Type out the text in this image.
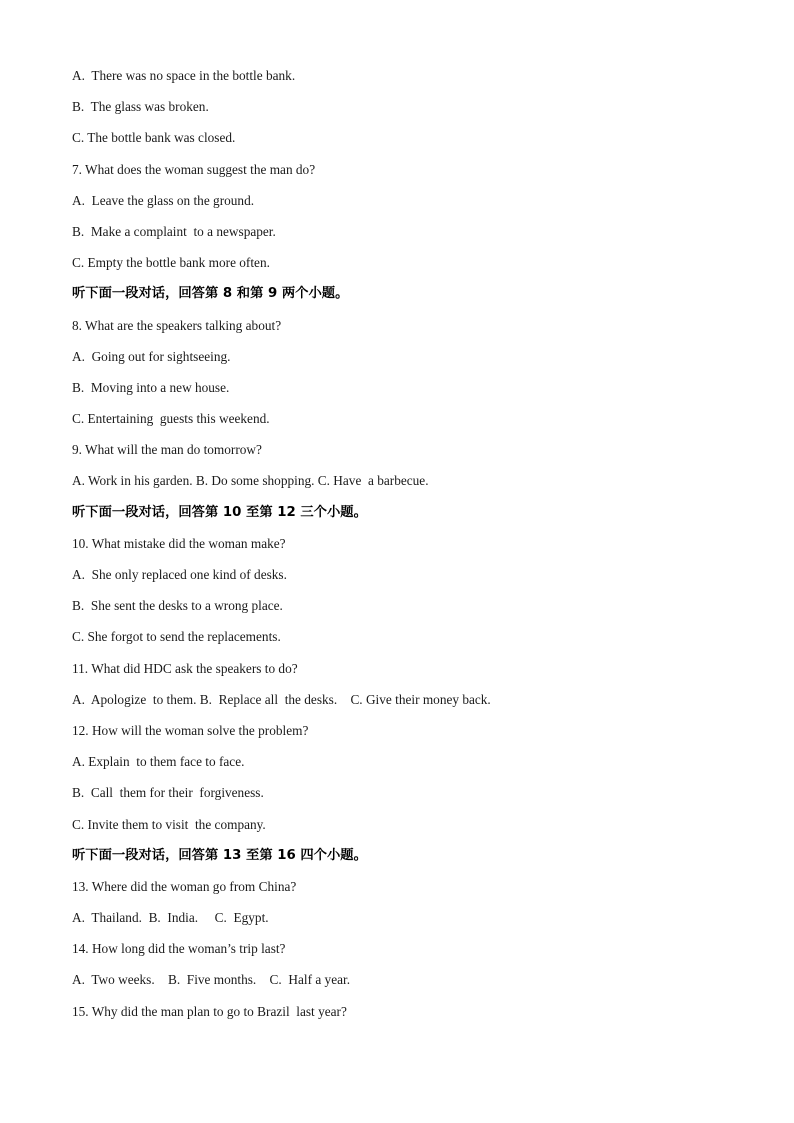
A.  There was no space in the bottle bank.
B.  The glass was broken.
C. The bottle bank was closed.
7. What does the woman suggest the man do?
A.  Leave the glass on the ground.
B.  Make a complaint  to a newspaper.
C. Empty the bottle bank more often.
听下面一段对话，回答第 8 和第 9 两个小题。
8. What are the speakers talking about?
A.  Going out for sightseeing.
B.  Moving into a new house.
C. Entertaining  guests this weekend.
9. What will the man do tomorrow?
A. Work in his garden. B. Do some shopping. C. Have  a barbecue.
听下面一段对话，回答第 10 至第 12 三个小题。
10. What mistake did the woman make?
A.  She only replaced one kind of desks.
B.  She sent the desks to a wrong place.
C. She forgot to send the replacements.
11. What did HDC ask the speakers to do?
A.  Apologize  to them. B.  Replace all  the desks.    C. Give their money back.
12. How will the woman solve the problem?
A. Explain  to them face to face.
B.  Call  them for their  forgiveness.
C. Invite them to visit  the company.
听下面一段对话，回答第 13 至第 16 四个小题。
13. Where did the woman go from China?
A.  Thailand.  B.  India.     C.  Egypt.
14. How long did the woman’s trip last?
A.  Two weeks.    B.  Five months.    C.  Half a year.
15. Why did the man plan to go to Brazil  last year?
